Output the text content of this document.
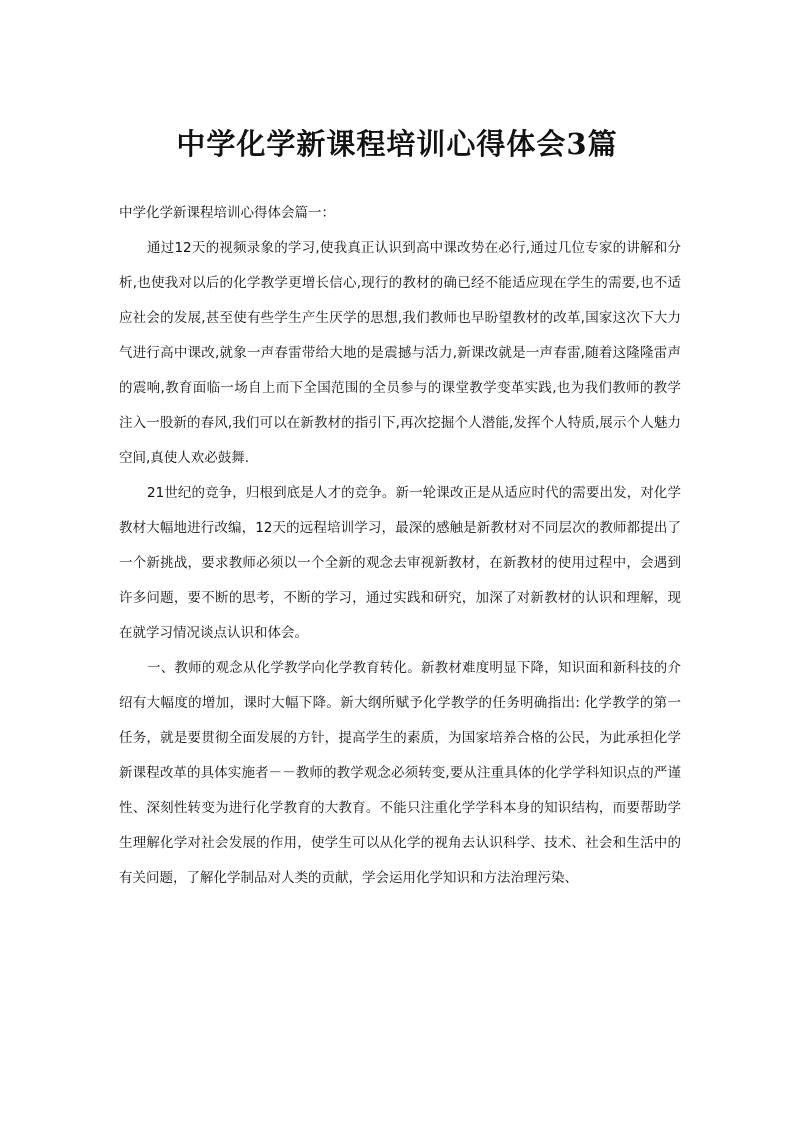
中学化学新课程培训心得体会3篇

中学化学新课程培训心得体会篇一：

通过12天的视频录象的学习,使我真正认识到高中课改势在必行,通过几位专家的讲解和分析,也使我对以后的化学教学更增长信心,现行的教材的确已经不能适应现在学生的需要,也不适应社会的发展,甚至使有些学生产生厌学的思想,我们教师也早盼望教材的改革,国家这次下大力气进行高中课改,就象一声春雷带给大地的是震撼与活力,新课改就是一声春雷,随着这隆隆雷声的震响,教育面临一场自上而下全国范围的全员参与的课堂教学变革实践,也为我们教师的教学注入一股新的春风,我们可以在新教材的指引下,再次挖掘个人潜能,发挥个人特质,展示个人魅力空间,真使人欢必鼓舞.

21世纪的竞争，归根到底是人才的竞争。新一轮课改正是从适应时代的需要出发，对化学教材大幅地进行改编，12天的远程培训学习，最深的感触是新教材对不同层次的教师都提出了一个新挑战，要求教师必须以一个全新的观念去审视新教材，在新教材的使用过程中，会遇到许多问题，要不断的思考，不断的学习，通过实践和研究，加深了对新教材的认识和理解，现在就学习情况谈点认识和体会。

一、教师的观念从化学教学向化学教育转化。新教材难度明显下降，知识面和新科技的介绍有大幅度的增加，课时大幅下降。新大纲所赋予化学教学的任务明确指出: 化学教学的第一任务，就是要贯彻全面发展的方针，提高学生的素质，为国家培养合格的公民，为此承担化学新课程改革的具体实施者－－教师的教学观念必须转变,要从注重具体的化学学科知识点的严谨性、深刻性转变为进行化学教育的大教育。不能只注重化学学科本身的知识结构，而要帮助学生理解化学对社会发展的作用，使学生可以从化学的视角去认识科学、技术、社会和生活中的有关问题，了解化学制品对人类的贡献，学会运用化学知识和方法治理污染、
